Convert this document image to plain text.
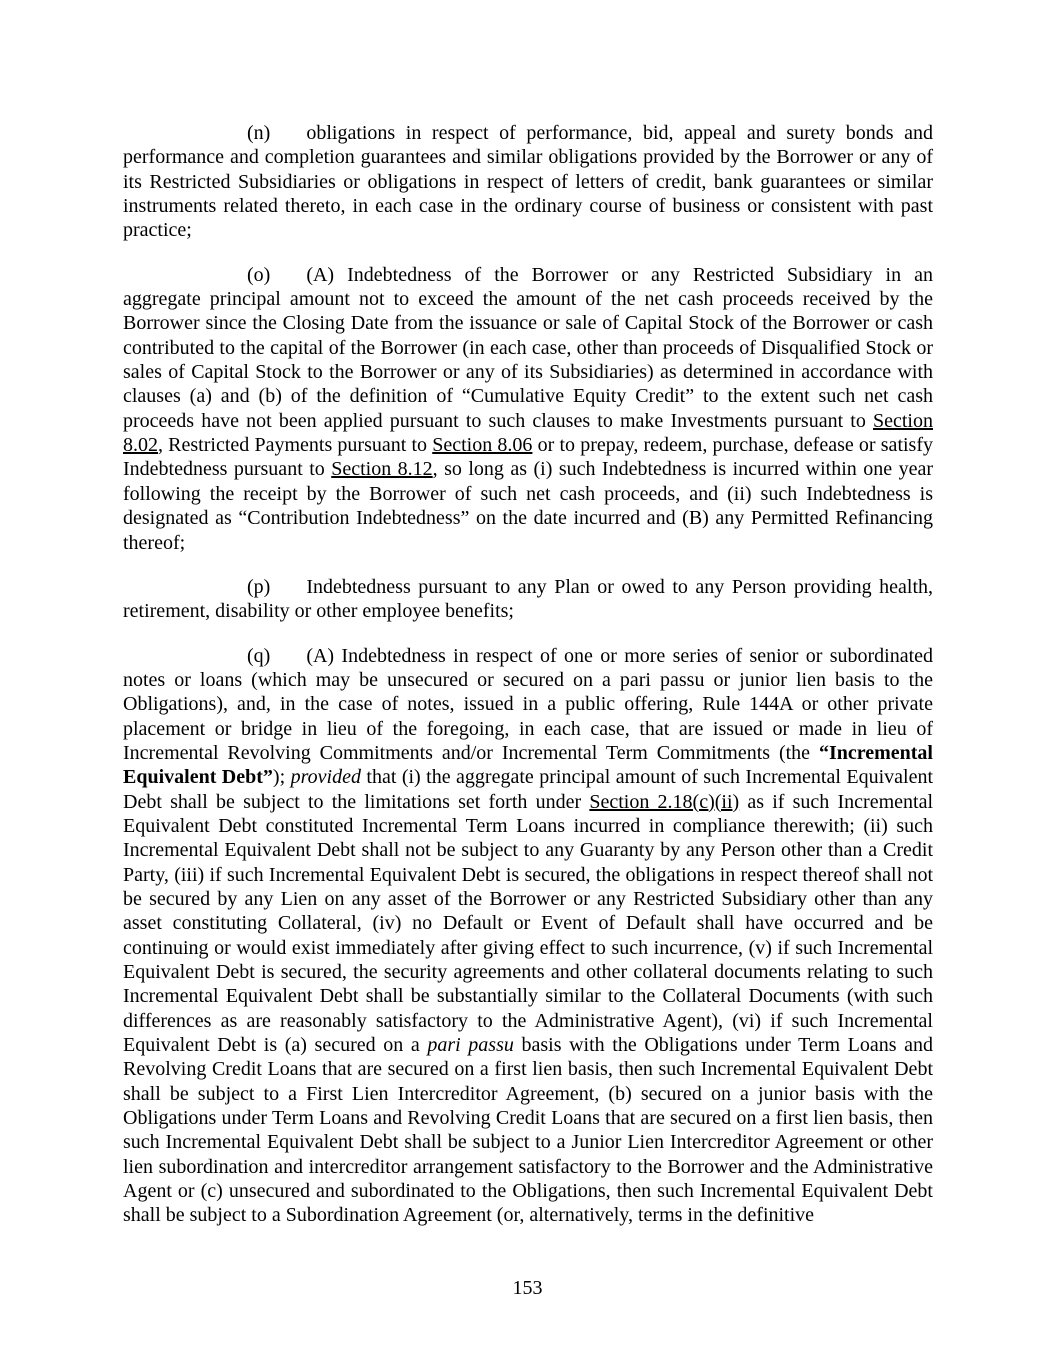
(n) obligations in respect of performance, bid, appeal and surety bonds and performance and completion guarantees and similar obligations provided by the Borrower or any of its Restricted Subsidiaries or obligations in respect of letters of credit, bank guarantees or similar instruments related thereto, in each case in the ordinary course of business or consistent with past practice;

(o) (A) Indebtedness of the Borrower or any Restricted Subsidiary in an aggregate principal amount not to exceed the amount of the net cash proceeds received by the Borrower since the Closing Date from the issuance or sale of Capital Stock of the Borrower or cash contributed to the capital of the Borrower (in each case, other than proceeds of Disqualified Stock or sales of Capital Stock to the Borrower or any of its Subsidiaries) as determined in accordance with clauses (a) and (b) of the definition of “Cumulative Equity Credit” to the extent such net cash proceeds have not been applied pursuant to such clauses to make Investments pursuant to Section 8.02, Restricted Payments pursuant to Section 8.06 or to prepay, redeem, purchase, defease or satisfy Indebtedness pursuant to Section 8.12, so long as (i) such Indebtedness is incurred within one year following the receipt by the Borrower of such net cash proceeds, and (ii) such Indebtedness is designated as “Contribution Indebtedness” on the date incurred and (B) any Permitted Refinancing thereof;

(p) Indebtedness pursuant to any Plan or owed to any Person providing health, retirement, disability or other employee benefits;

(q) (A) Indebtedness in respect of one or more series of senior or subordinated notes or loans (which may be unsecured or secured on a pari passu or junior lien basis to the Obligations), and, in the case of notes, issued in a public offering, Rule 144A or other private placement or bridge in lieu of the foregoing, in each case, that are issued or made in lieu of Incremental Revolving Commitments and/or Incremental Term Commitments (the “Incremental Equivalent Debt”); provided that (i) the aggregate principal amount of such Incremental Equivalent Debt shall be subject to the limitations set forth under Section 2.18(c)(ii) as if such Incremental Equivalent Debt constituted Incremental Term Loans incurred in compliance therewith; (ii) such Incremental Equivalent Debt shall not be subject to any Guaranty by any Person other than a Credit Party, (iii) if such Incremental Equivalent Debt is secured, the obligations in respect thereof shall not be secured by any Lien on any asset of the Borrower or any Restricted Subsidiary other than any asset constituting Collateral, (iv) no Default or Event of Default shall have occurred and be continuing or would exist immediately after giving effect to such incurrence, (v) if such Incremental Equivalent Debt is secured, the security agreements and other collateral documents relating to such Incremental Equivalent Debt shall be substantially similar to the Collateral Documents (with such differences as are reasonably satisfactory to the Administrative Agent), (vi) if such Incremental Equivalent Debt is (a) secured on a pari passu basis with the Obligations under Term Loans and Revolving Credit Loans that are secured on a first lien basis, then such Incremental Equivalent Debt shall be subject to a First Lien Intercreditor Agreement, (b) secured on a junior basis with the Obligations under Term Loans and Revolving Credit Loans that are secured on a first lien basis, then such Incremental Equivalent Debt shall be subject to a Junior Lien Intercreditor Agreement or other lien subordination and intercreditor arrangement satisfactory to the Borrower and the Administrative Agent or (c) unsecured and subordinated to the Obligations, then such Incremental Equivalent Debt shall be subject to a Subordination Agreement (or, alternatively, terms in the definitive

153
